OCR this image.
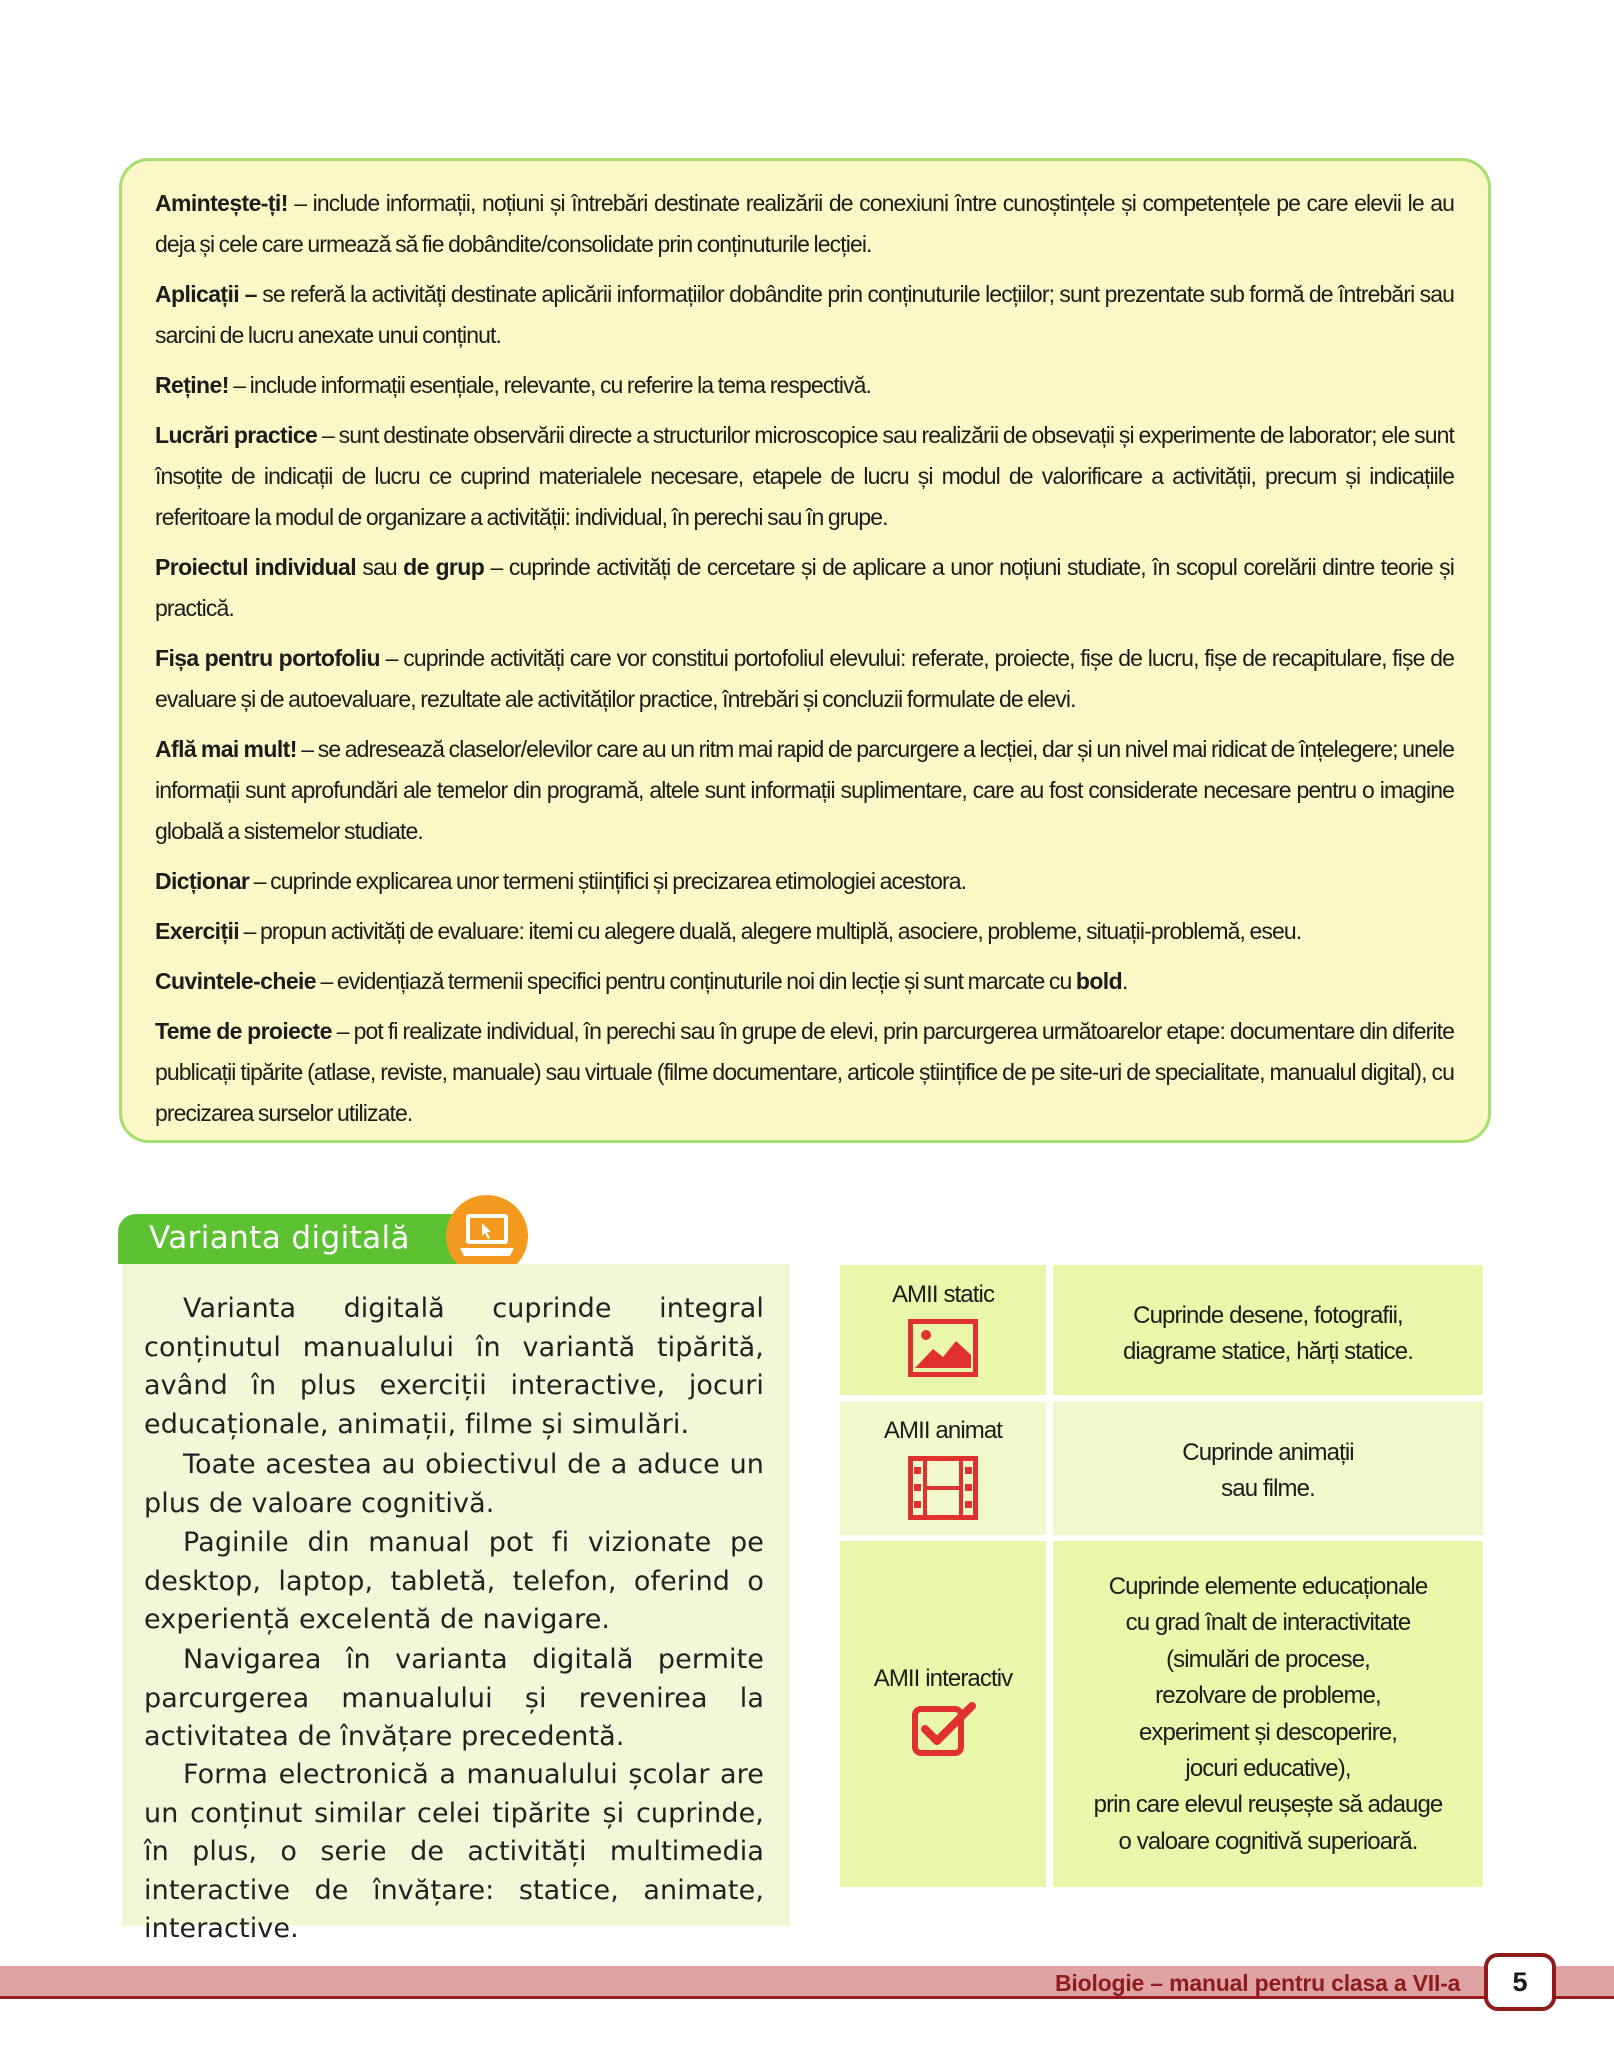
Amintește-ți! – include informații, noțiuni și întrebări destinate realizării de conexiuni între cunoștințele și competențele pe care elevii le au deja și cele care urmează să fie dobândite/consolidate prin conținuturile lecției.

Aplicații – se referă la activități destinate aplicării informațiilor dobândite prin conținuturile lecțiilor; sunt prezentate sub formă de întrebări sau sarcini de lucru anexate unui conținut.

Reține! – include informații esențiale, relevante, cu referire la tema respectivă.

Lucrări practice – sunt destinate observării directe a structurilor microscopice sau realizării de obsevații și experimente de laborator; ele sunt însoțite de indicații de lucru ce cuprind materialele necesare, etapele de lucru și modul de valorificare a activității, precum și indicațiile referitoare la modul de organizare a activității: individual, în perechi sau în grupe.

Proiectul individual sau de grup – cuprinde activități de cercetare și de aplicare a unor noțiuni studiate, în scopul corelării dintre teorie și practică.

Fișa pentru portofoliu – cuprinde activități care vor constitui portofoliul elevului: referate, proiecte, fișe de lucru, fișe de recapitulare, fișe de evaluare și de autoevaluare, rezultate ale activităților practice, întrebări și concluzii formulate de elevi.

Află mai mult! – se adresează claselor/elevilor care au un ritm mai rapid de parcurgere a lecției, dar și un nivel mai ridicat de înțelegere; unele informații sunt aprofundări ale temelor din programă, altele sunt informații suplimentare, care au fost considerate necesare pentru o imagine globală a sistemelor studiate.

Dicționar – cuprinde explicarea unor termeni științifici și precizarea etimologiei acestora.

Exerciții – propun activități de evaluare: itemi cu alegere duală, alegere multiplă, asociere, probleme, situații-problemă, eseu.

Cuvintele-cheie – evidențiază termenii specifici pentru conținuturile noi din lecție și sunt marcate cu bold.

Teme de proiecte – pot fi realizate individual, în perechi sau în grupe de elevi, prin parcurgerea următoarelor etape: documentare din diferite publicații tipărite (atlase, reviste, manuale) sau virtuale (filme documentare, articole științifice de pe site-uri de specialitate, manualul digital), cu precizarea surselor utilizate.

Varianta digitală

Varianta digitală cuprinde integral conținutul manualului în variantă tipărită, având în plus exerciții interactive, jocuri educaționale, animații, filme și simulări.

Toate acestea au obiectivul de a aduce un plus de valoare cognitivă.

Paginile din manual pot fi vizionate pe desktop, laptop, tabletă, telefon, oferind o experiență excelentă de navigare.

Navigarea în varianta digitală permite parcurgerea manualului și revenirea la activitatea de învățare precedentă.

Forma electronică a manualului școlar are un conținut similar celei tipărite și cuprinde, în plus, o serie de activități multimedia interactive de învățare: statice, animate, interactive.

AMII static
Cuprinde desene, fotografii,
diagrame statice, hărți statice.
AMII animat
Cuprinde animații
sau filme.
AMII interactiv
Cuprinde elemente educaționale
cu grad înalt de interactivitate
(simulări de procese,
rezolvare de probleme,
experiment și descoperire,
jocuri educative),
prin care elevul reușește să adauge
o valoare cognitivă superioară.
Biologie – manual pentru clasa a VII-a	5
